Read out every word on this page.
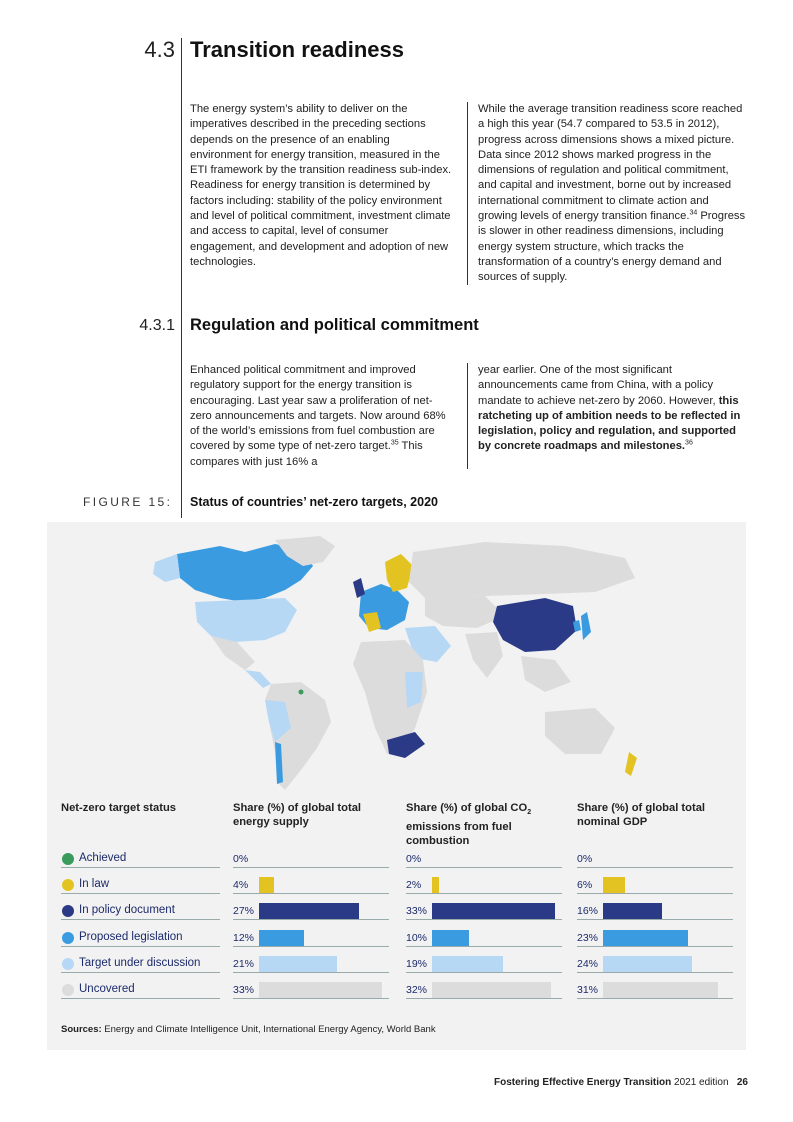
4.3 Transition readiness
The energy system’s ability to deliver on the imperatives described in the preceding sections depends on the presence of an enabling environment for energy transition, measured in the ETI framework by the transition readiness sub-index. Readiness for energy transition is determined by factors including: stability of the policy environment and level of political commitment, investment climate and access to capital, level of consumer engagement, and development and adoption of new technologies.
While the average transition readiness score reached a high this year (54.7 compared to 53.5 in 2012), progress across dimensions shows a mixed picture. Data since 2012 shows marked progress in the dimensions of regulation and political commitment, and capital and investment, borne out by increased international commitment to climate action and growing levels of energy transition finance.$^{34}$ Progress is slower in other readiness dimensions, including energy system structure, which tracks the transformation of a country’s energy demand and sources of supply.
4.3.1 Regulation and political commitment
Enhanced political commitment and improved regulatory support for the energy transition is encouraging. Last year saw a proliferation of net-zero announcements and targets. Now around 68% of the world’s emissions from fuel combustion are covered by some type of net-zero target.$^{35}$ This compares with just 16% a
year earlier. One of the most significant announcements came from China, with a policy mandate to achieve net-zero by 2060. However, this ratcheting up of ambition needs to be reflected in legislation, policy and regulation, and supported by concrete roadmaps and milestones.$^{36}$
FIGURE 15: Status of countries’ net-zero targets, 2020
Net-zero target status	Share (%) of global total energy supply
Share (%) of global $CO_2$ emissions from fuel combustion
Share (%) of global total nominal GDP
Achieved
In law
In policy document
Proposed legislation
Target under discussion
Uncovered
0%
4%
27%
12%
21%
33%
0%
2%
33%
10%
19%
32%
0%
6%
16%
23%
24%
31%
Sources: Energy and Climate Intelligence Unit, International Energy Agency, World Bank
Fostering Effective Energy Transition 2021 edition 26
